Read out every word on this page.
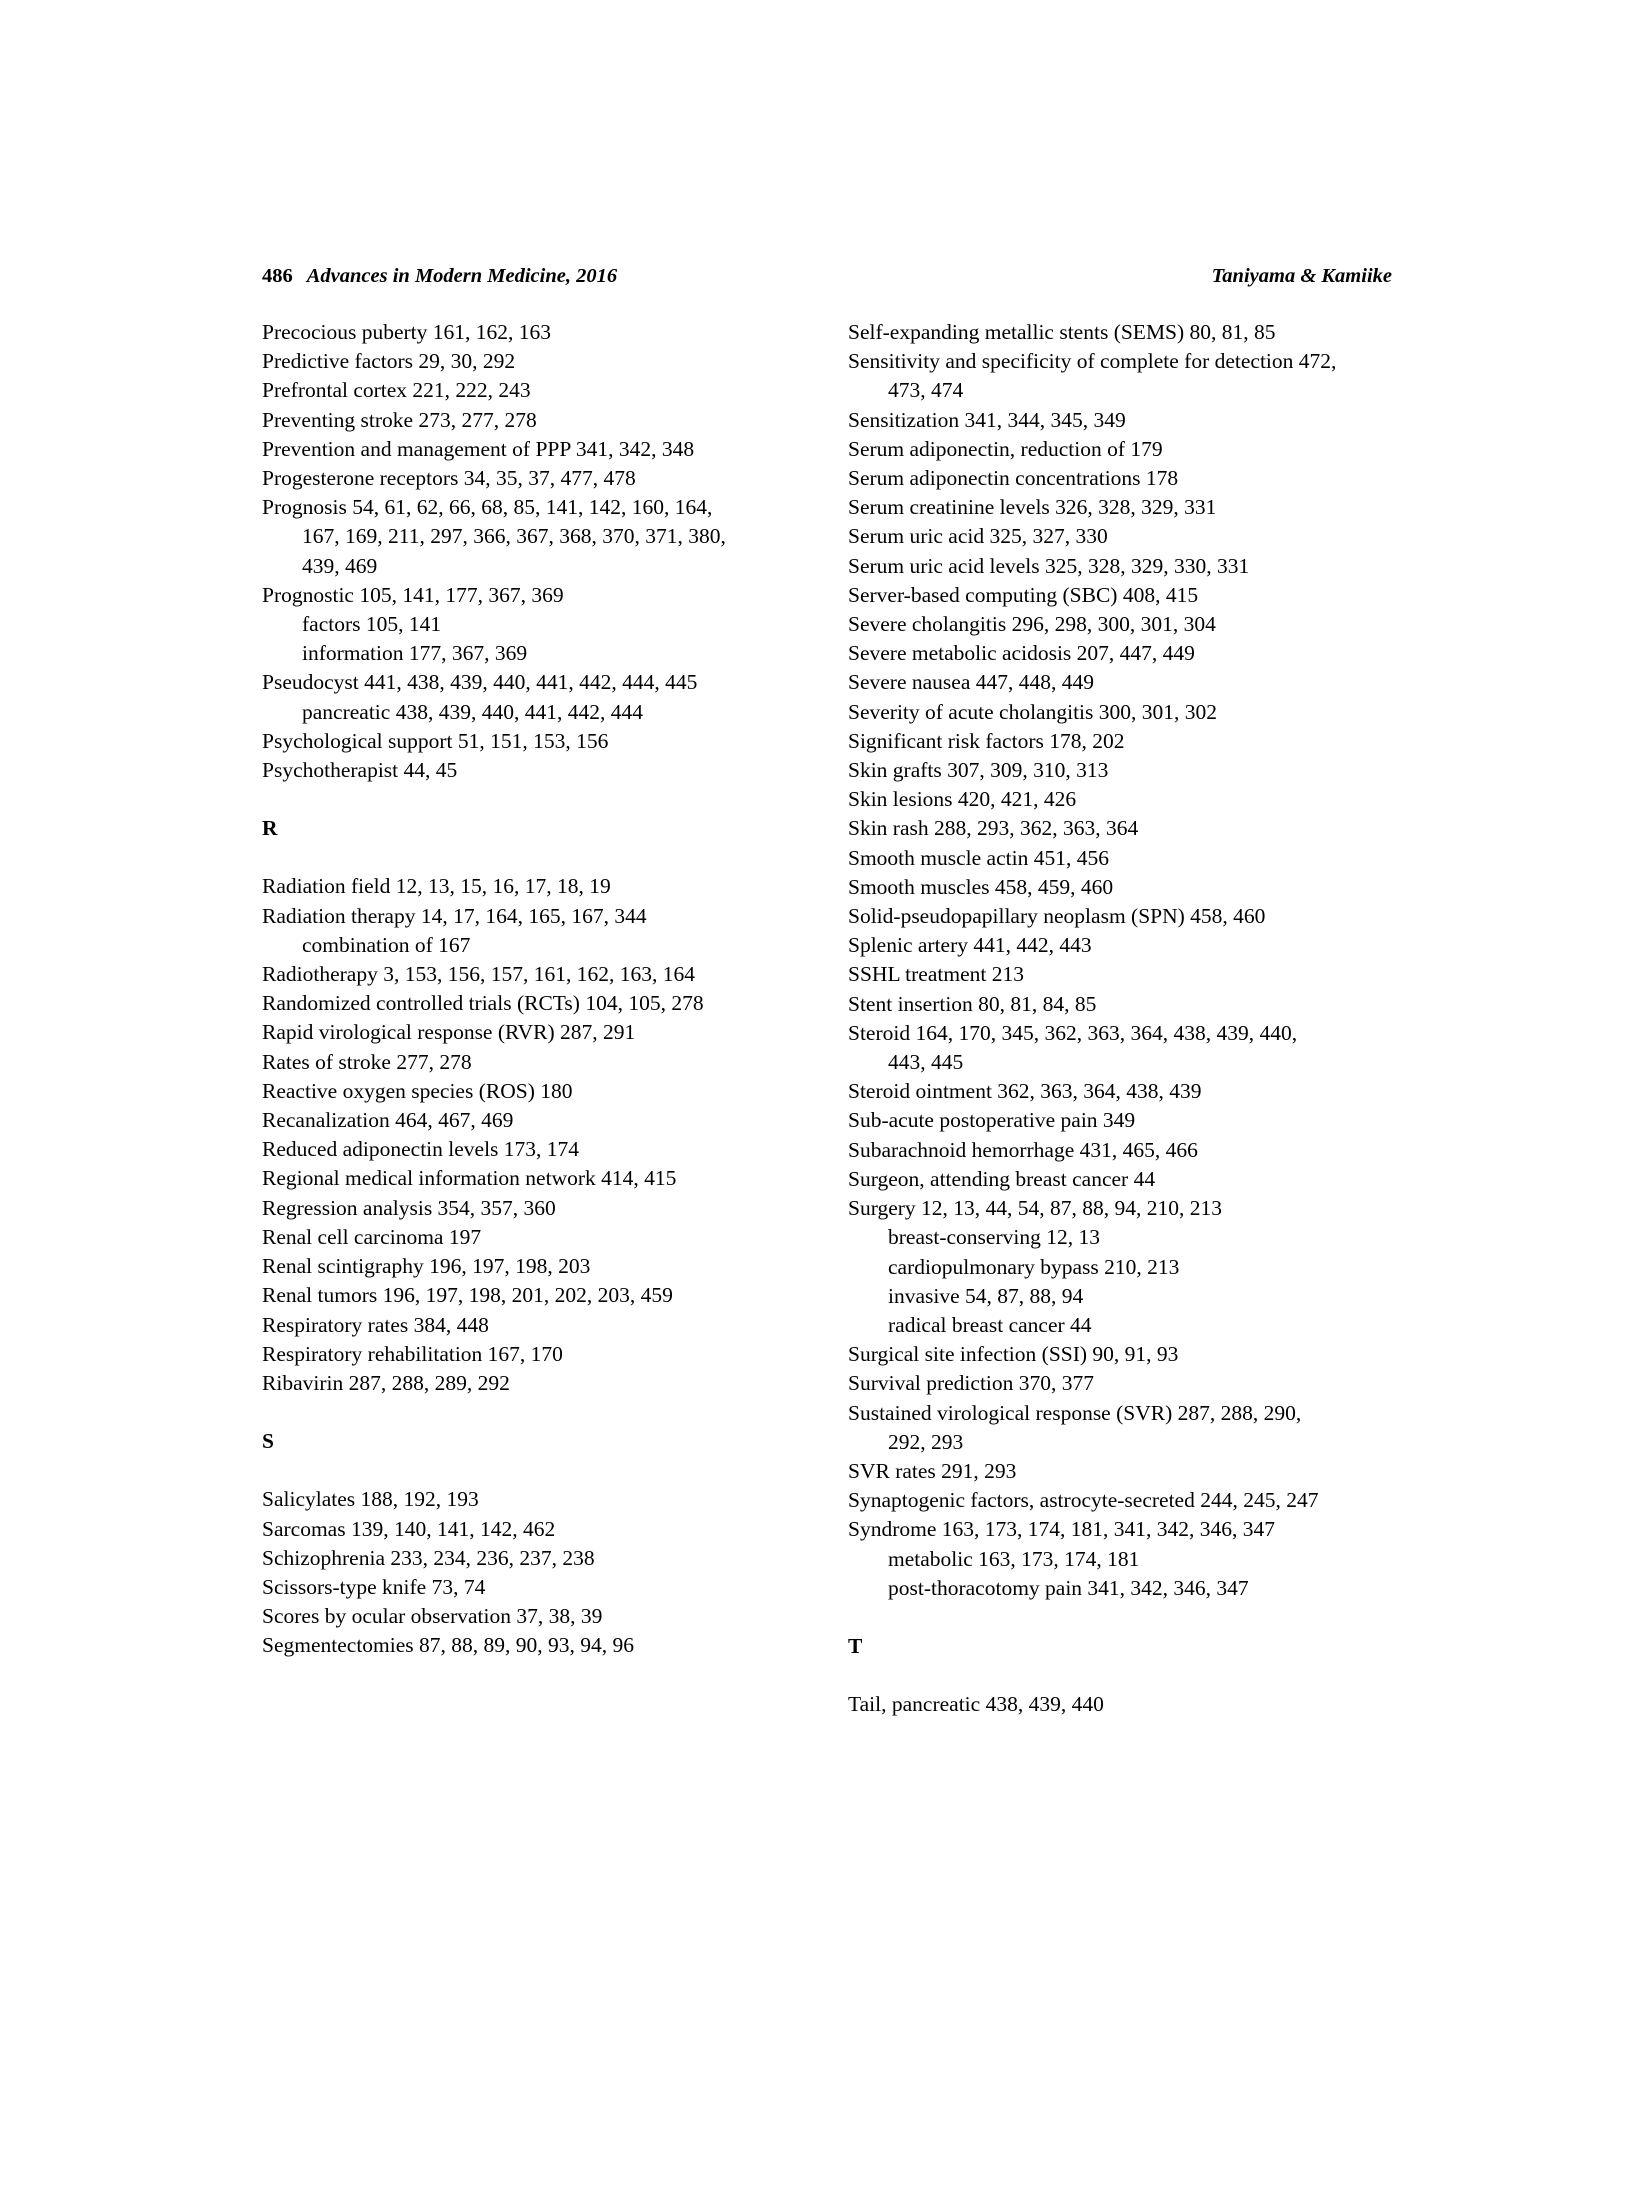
486 Advances in Modern Medicine, 2016	Taniyama & Kamiike
Precocious puberty 161, 162, 163
Predictive factors 29, 30, 292
Prefrontal cortex 221, 222, 243
Preventing stroke 273, 277, 278
Prevention and management of PPP 341, 342, 348
Progesterone receptors 34, 35, 37, 477, 478
Prognosis 54, 61, 62, 66, 68, 85, 141, 142, 160, 164, 167, 169, 211, 297, 366, 367, 368, 370, 371, 380, 439, 469
Prognostic 105, 141, 177, 367, 369
factors 105, 141
information 177, 367, 369
Pseudocyst 441, 438, 439, 440, 441, 442, 444, 445
pancreatic 438, 439, 440, 441, 442, 444
Psychological support 51, 151, 153, 156
Psychotherapist 44, 45
R
Radiation field 12, 13, 15, 16, 17, 18, 19
Radiation therapy 14, 17, 164, 165, 167, 344
combination of 167
Radiotherapy 3, 153, 156, 157, 161, 162, 163, 164
Randomized controlled trials (RCTs) 104, 105, 278
Rapid virological response (RVR) 287, 291
Rates of stroke 277, 278
Reactive oxygen species (ROS) 180
Recanalization 464, 467, 469
Reduced adiponectin levels 173, 174
Regional medical information network 414, 415
Regression analysis 354, 357, 360
Renal cell carcinoma 197
Renal scintigraphy 196, 197, 198, 203
Renal tumors 196, 197, 198, 201, 202, 203, 459
Respiratory rates 384, 448
Respiratory rehabilitation 167, 170
Ribavirin 287, 288, 289, 292
S
Salicylates 188, 192, 193
Sarcomas 139, 140, 141, 142, 462
Schizophrenia 233, 234, 236, 237, 238
Scissors-type knife 73, 74
Scores by ocular observation 37, 38, 39
Segmentectomies 87, 88, 89, 90, 93, 94, 96
Self-expanding metallic stents (SEMS) 80, 81, 85
Sensitivity and specificity of complete for detection 472, 473, 474
Sensitization 341, 344, 345, 349
Serum adiponectin, reduction of 179
Serum adiponectin concentrations 178
Serum creatinine levels 326, 328, 329, 331
Serum uric acid 325, 327, 330
Serum uric acid levels 325, 328, 329, 330, 331
Server-based computing (SBC) 408, 415
Severe cholangitis 296, 298, 300, 301, 304
Severe metabolic acidosis 207, 447, 449
Severe nausea 447, 448, 449
Severity of acute cholangitis 300, 301, 302
Significant risk factors 178, 202
Skin grafts 307, 309, 310, 313
Skin lesions 420, 421, 426
Skin rash 288, 293, 362, 363, 364
Smooth muscle actin 451, 456
Smooth muscles 458, 459, 460
Solid-pseudopapillary neoplasm (SPN) 458, 460
Splenic artery 441, 442, 443
SSHL treatment 213
Stent insertion 80, 81, 84, 85
Steroid 164, 170, 345, 362, 363, 364, 438, 439, 440, 443, 445
Steroid ointment 362, 363, 364, 438, 439
Sub-acute postoperative pain 349
Subarachnoid hemorrhage 431, 465, 466
Surgeon, attending breast cancer 44
Surgery 12, 13, 44, 54, 87, 88, 94, 210, 213
breast-conserving 12, 13
cardiopulmonary bypass 210, 213
invasive 54, 87, 88, 94
radical breast cancer 44
Surgical site infection (SSI) 90, 91, 93
Survival prediction 370, 377
Sustained virological response (SVR) 287, 288, 290, 292, 293
SVR rates 291, 293
Synaptogenic factors, astrocyte-secreted 244, 245, 247
Syndrome 163, 173, 174, 181, 341, 342, 346, 347
metabolic 163, 173, 174, 181
post-thoracotomy pain 341, 342, 346, 347
T
Tail, pancreatic 438, 439, 440
